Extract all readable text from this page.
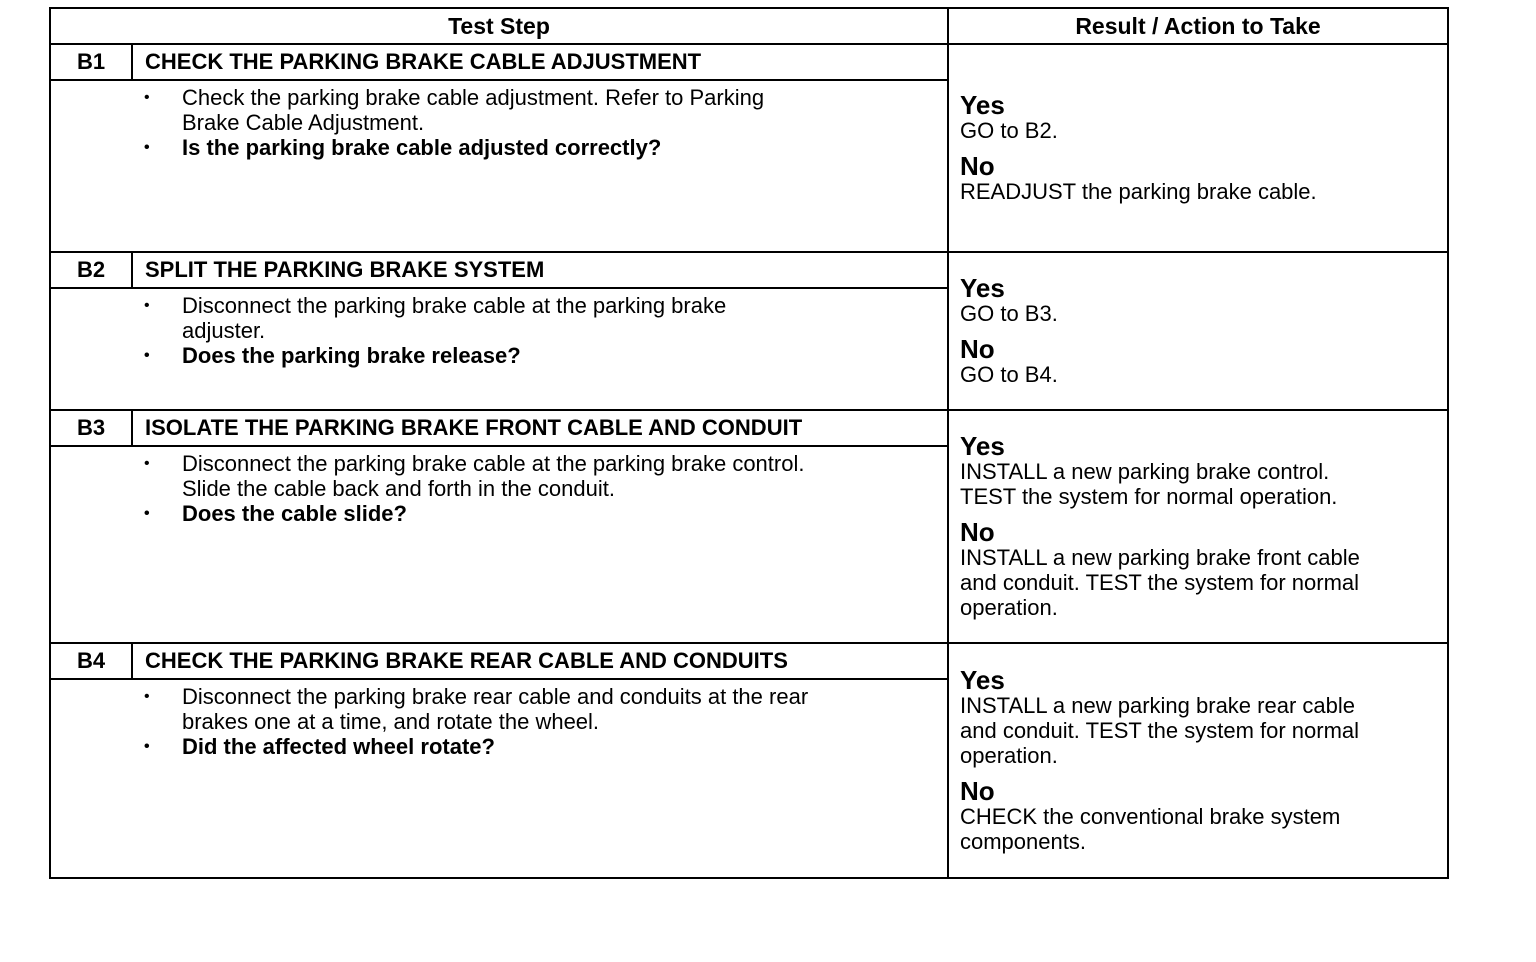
Test Step	Result / Action to Take
B1	CHECK THE PARKING BRAKE CABLE ADJUSTMENT
• Check the parking brake cable adjustment. Refer to Parking
Brake Cable Adjustment.
• Is the parking brake cable adjusted correctly?
Yes
GO to B2.
No
READJUST the parking brake cable.
B2	SPLIT THE PARKING BRAKE SYSTEM
• Disconnect the parking brake cable at the parking brake
adjuster.
• Does the parking brake release?
Yes
GO to B3.
No
GO to B4.
B3	ISOLATE THE PARKING BRAKE FRONT CABLE AND CONDUIT
• Disconnect the parking brake cable at the parking brake control.
Slide the cable back and forth in the conduit.
• Does the cable slide?
Yes
INSTALL a new parking brake control.
TEST the system for normal operation.
No
INSTALL a new parking brake front cable
and conduit. TEST the system for normal
operation.
B4	CHECK THE PARKING BRAKE REAR CABLE AND CONDUITS
• Disconnect the parking brake rear cable and conduits at the rear
brakes one at a time, and rotate the wheel.
• Did the affected wheel rotate?
Yes
INSTALL a new parking brake rear cable
and conduit. TEST the system for normal
operation.
No
CHECK the conventional brake system
components.
